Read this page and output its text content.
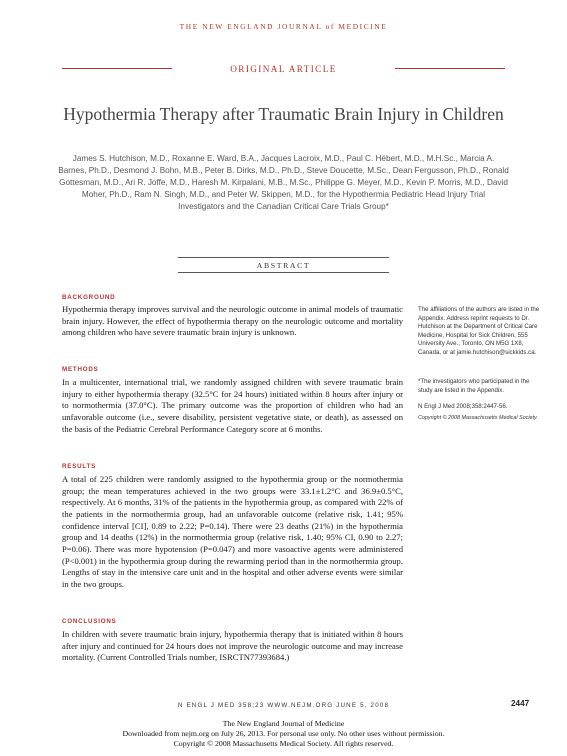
THE NEW ENGLAND JOURNAL of MEDICINE
ORIGINAL ARTICLE
Hypothermia Therapy after Traumatic Brain Injury in Children
James S. Hutchison, M.D., Roxanne E. Ward, B.A., Jacques Lacroix, M.D., Paul C. Hébert, M.D., M.H.Sc., Marcia A. Barnes, Ph.D., Desmond J. Bohn, M.B., Peter B. Dirks, M.D., Ph.D., Steve Doucette, M.Sc., Dean Fergusson, Ph.D., Ronald Gottesman, M.D., Ari R. Joffe, M.D., Haresh M. Kirpalani, M.B., M.Sc., Philippe G. Meyer, M.D., Kevin P. Morris, M.D., David Moher, Ph.D., Ram N. Singh, M.D., and Peter W. Skippen, M.D., for the Hypothermia Pediatric Head Injury Trial Investigators and the Canadian Critical Care Trials Group*
ABSTRACT
BACKGROUND
Hypothermia therapy improves survival and the neurologic outcome in animal models of traumatic brain injury. However, the effect of hypothermia therapy on the neurologic outcome and mortality among children who have severe traumatic brain injury is unknown.
METHODS
In a multicenter, international trial, we randomly assigned children with severe traumatic brain injury to either hypothermia therapy (32.5°C for 24 hours) initiated within 8 hours after injury or to normothermia (37.0°C). The primary outcome was the proportion of children who had an unfavorable outcome (i.e., severe disability, persistent vegetative state, or death), as assessed on the basis of the Pediatric Cerebral Performance Category score at 6 months.
RESULTS
A total of 225 children were randomly assigned to the hypothermia group or the normothermia group; the mean temperatures achieved in the two groups were 33.1±1.2°C and 36.9±0.5°C, respectively. At 6 months, 31% of the patients in the hypothermia group, as compared with 22% of the patients in the normothermia group, had an unfavorable outcome (relative risk, 1.41; 95% confidence interval [CI], 0.89 to 2.22; P=0.14). There were 23 deaths (21%) in the hypothermia group and 14 deaths (12%) in the normothermia group (relative risk, 1.40; 95% CI, 0.90 to 2.27; P=0.06). There was more hypotension (P=0.047) and more vasoactive agents were administered (P<0.001) in the hypothermia group during the rewarming period than in the normothermia group. Lengths of stay in the intensive care unit and in the hospital and other adverse events were similar in the two groups.
CONCLUSIONS
In children with severe traumatic brain injury, hypothermia therapy that is initiated within 8 hours after injury and continued for 24 hours does not improve the neurologic outcome and may increase mortality. (Current Controlled Trials number, ISRCTN77393684.)
The affiliations of the authors are listed in the Appendix. Address reprint requests to Dr. Hutchison at the Department of Critical Care Medicine, Hospital for Sick Children, 555 University Ave., Toronto, ON M5G 1X8, Canada, or at jamie.hutchison@sickkids.ca.
*The investigators who participated in the study are listed in the Appendix.
N Engl J Med 2008;358:2447-56.
Copyright © 2008 Massachusetts Medical Society.
N ENGL J MED 358;23 WWW.NEJM.ORG JUNE 5, 2008	2447
The New England Journal of Medicine
Downloaded from nejm.org on July 26, 2013. For personal use only. No other uses without permission.
Copyright © 2008 Massachusetts Medical Society. All rights reserved.
